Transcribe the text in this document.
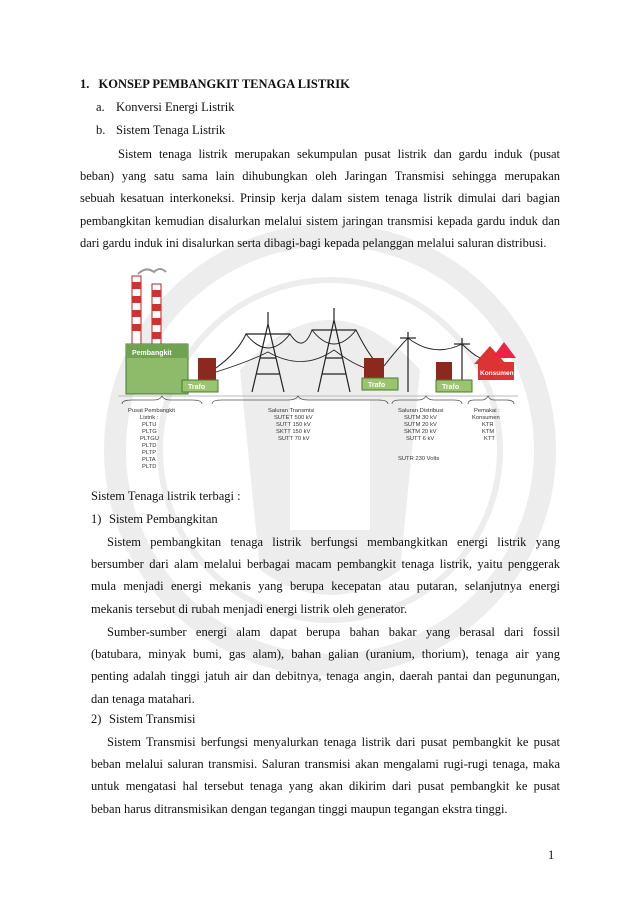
1. KONSEP PEMBANGKIT TENAGA LISTRIK
a. Konversi Energi Listrik
b. Sistem Tenaga Listrik
Sistem tenaga listrik merupakan sekumpulan pusat listrik dan gardu induk (pusat
beban) yang satu sama lain dihubungkan oleh Jaringan Transmisi sehingga merupakan
sebuah kesatuan interkoneksi. Prinsip kerja dalam sistem tenaga listrik dimulai dari bagian
pembangkitan kemudian disalurkan melalui sistem jaringan transmisi kepada gardu induk dan
dari gardu induk ini disalurkan serta dibagi-bagi kepada pelanggan melalui saluran distribusi.
Pembangkit
Trafo	Trafo	Trafo
Konsumen
Pusat Pembangkit
Listrik :
PLTU
PLTG
PLTGU
PLTD
PLTP
PLTA
PLTD
Saluran Transmisi
SUTET 500 kV
SUTT 150 kV
SKTT 150 kV
SUTT 70 kV
Saluran Distribusi
SUTM 30 kV
SUTM 20 kV
SKTM 20 kV
SUTT 6 kV
SUTR 230 Volts
Pemakai :
Konsumen
KTR
KTM
KTT
Sistem Tenaga listrik terbagi :
1) Sistem Pembangkitan
Sistem pembangkitan tenaga listrik berfungsi membangkitkan energi listrik yang
bersumber dari alam melalui berbagai macam pembangkit tenaga listrik, yaitu penggerak
mula menjadi energi mekanis yang berupa kecepatan atau putaran, selanjutnya energi
mekanis tersebut di rubah menjadi energi listrik oleh generator.
Sumber-sumber energi alam dapat berupa bahan bakar yang berasal dari fossil
(batubara, minyak bumi, gas alam), bahan galian (uranium, thorium), tenaga air yang
penting adalah tinggi jatuh air dan debitnya, tenaga angin, daerah pantai dan pegunungan,
dan tenaga matahari.
2) Sistem Transmisi
Sistem Transmisi berfungsi menyalurkan tenaga listrik dari pusat pembangkit ke pusat
beban melalui saluran transmisi. Saluran transmisi akan mengalami rugi-rugi tenaga, maka
untuk mengatasi hal tersebut tenaga yang akan dikirim dari pusat pembangkit ke pusat
beban harus ditransmisikan dengan tegangan tinggi maupun tegangan ekstra tinggi.
1
